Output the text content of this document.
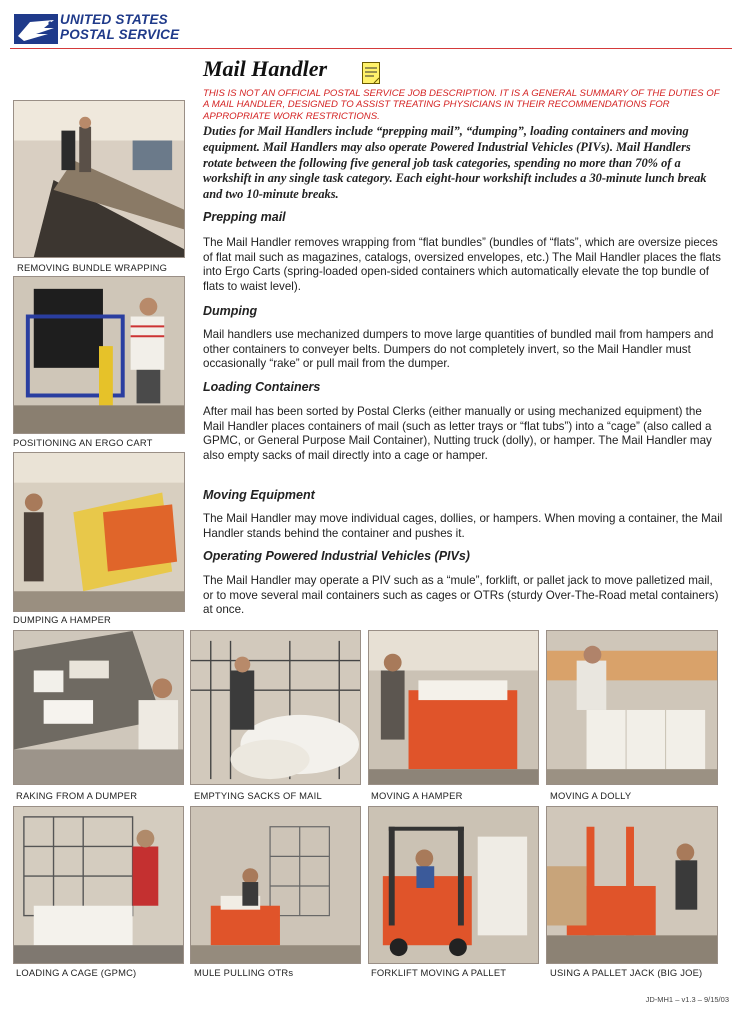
UNITED STATES
POSTAL SERVICE
Mail Handler
THIS IS NOT AN OFFICIAL POSTAL SERVICE JOB DESCRIPTION. IT IS A GENERAL SUMMARY OF THE DUTIES OF A MAIL HANDLER, DESIGNED TO ASSIST TREATING PHYSICIANS IN THEIR RECOMMENDATIONS FOR APPROPRIATE WORK RESTRICTIONS.
Duties for Mail Handlers include “prepping mail”, “dumping”, loading containers and moving equipment. Mail Handlers may also operate Powered Industrial Vehicles (PIVs). Mail Handlers rotate between the following five general job task categories, spending no more than 70% of a workshift in any single task category. Each eight-hour workshift includes a 30-minute lunch break and two 10-minute breaks.
Prepping mail
The Mail Handler removes wrapping from “flat bundles” (bundles of “flats”, which are oversize pieces of flat mail such as magazines, catalogs, oversized envelopes, etc.) The Mail Handler places the flats into Ergo Carts (spring-loaded open-sided containers which automatically elevate the top bundle of flats to waist level).
Dumping
Mail handlers use mechanized dumpers to move large quantities of bundled mail from hampers and other containers to conveyer belts. Dumpers do not completely invert, so the Mail Handler must occasionally “rake” or pull mail from the dumper.
Loading Containers
After mail has been sorted by Postal Clerks (either manually or using mechanized equipment) the Mail Handler places containers of mail (such as letter trays or “flat tubs”) into a “cage” (also called a GPMC, or General Purpose Mail Container), Nutting truck (dolly), or hamper. The Mail Handler may also empty sacks of mail directly into a cage or hamper.
Moving Equipment
The Mail Handler may move individual cages, dollies, or hampers. When moving a container, the Mail Handler stands behind the container and pushes it.
Operating Powered Industrial Vehicles (PIVs)
The Mail Handler may operate a PIV such as a “mule”, forklift, or pallet jack to move palletized mail, or to move several mail containers such as cages or OTRs (sturdy Over-The-Road metal containers) at once.
REMOVING BUNDLE WRAPPING
POSITIONING AN ERGO CART
DUMPING A HAMPER
RAKING FROM A DUMPER	EMPTYING SACKS OF MAIL	MOVING A HAMPER	MOVING A DOLLY
LOADING A CAGE (GPMC)	MULE PULLING OTRs	FORKLIFT MOVING A PALLET	USING A PALLET JACK (BIG JOE)
JD-MH1 – v1.3 – 9/15/03
